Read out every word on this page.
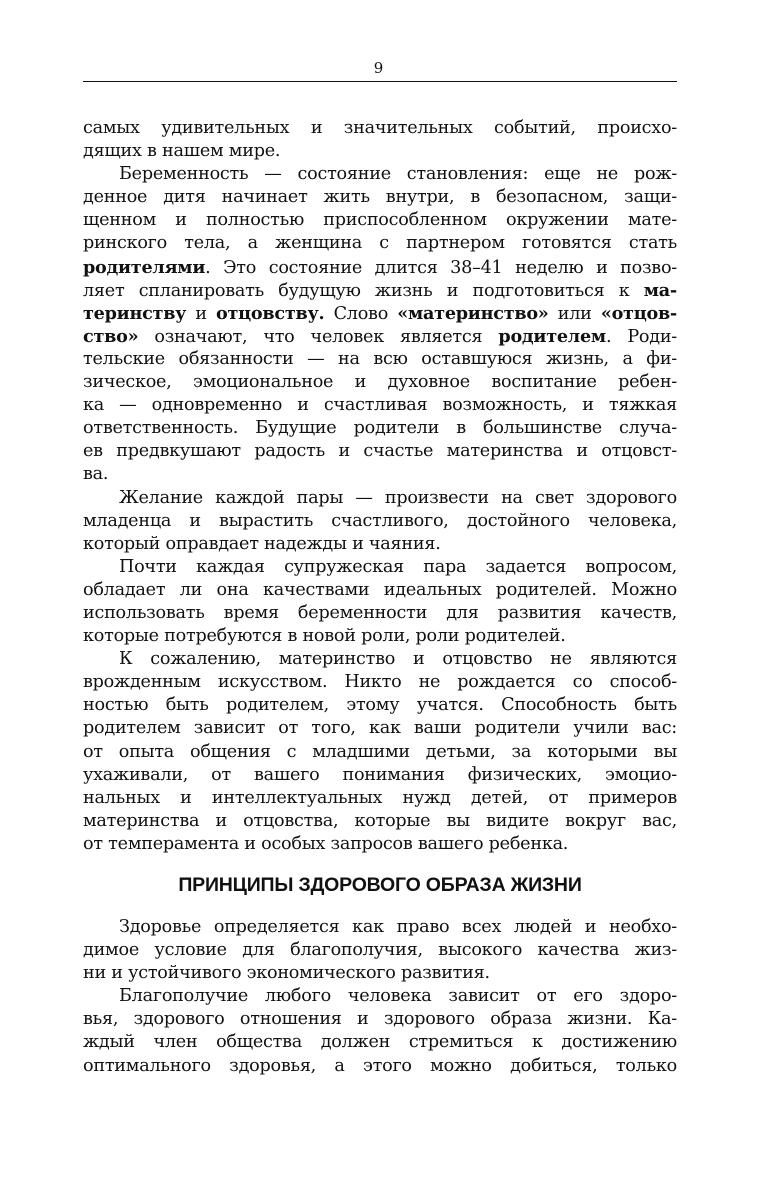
9
самых удивительных и значительных событий, происхо-
дящих в нашем мире.
Беременность — состояние становления: еще не рож-
денное дитя начинает жить внутри, в безопасном, защи-
щенном и полностью приспособленном окружении мате-
ринского тела, а женщина с партнером готовятся стать
родителями. Это состояние длится 38–41 неделю и позво-
ляет спланировать будущую жизнь и подготовиться к ма-
теринству и отцовству. Слово «материнство» или «отцов-
ство» означают, что человек является родителем. Роди-
тельские обязанности — на всю оставшуюся жизнь, а фи-
зическое, эмоциональное и духовное воспитание ребен-
ка — одновременно и счастливая возможность, и тяжкая
ответственность. Будущие родители в большинстве случа-
ев предвкушают радость и счастье материнства и отцовст-
ва.
Желание каждой пары — произвести на свет здорового
младенца и вырастить счастливого, достойного человека,
который оправдает надежды и чаяния.
Почти каждая супружеская пара задается вопросом,
обладает ли она качествами идеальных родителей. Можно
использовать время беременности для развития качеств,
которые потребуются в новой роли, роли родителей.
К сожалению, материнство и отцовство не являются
врожденным искусством. Никто не рождается со способ-
ностью быть родителем, этому учатся. Способность быть
родителем зависит от того, как ваши родители учили вас:
от опыта общения с младшими детьми, за которыми вы
ухаживали, от вашего понимания физических, эмоцио-
нальных и интеллектуальных нужд детей, от примеров
материнства и отцовства, которые вы видите вокруг вас,
от темперамента и особых запросов вашего ребенка.
ПРИНЦИПЫ ЗДОРОВОГО ОБРАЗА ЖИЗНИ
Здоровье определяется как право всех людей и необхо-
димое условие для благополучия, высокого качества жиз-
ни и устойчивого экономического развития.
Благополучие любого человека зависит от его здоро-
вья, здорового отношения и здорового образа жизни. Ка-
ждый член общества должен стремиться к достижению
оптимального здоровья, а этого можно добиться, только
